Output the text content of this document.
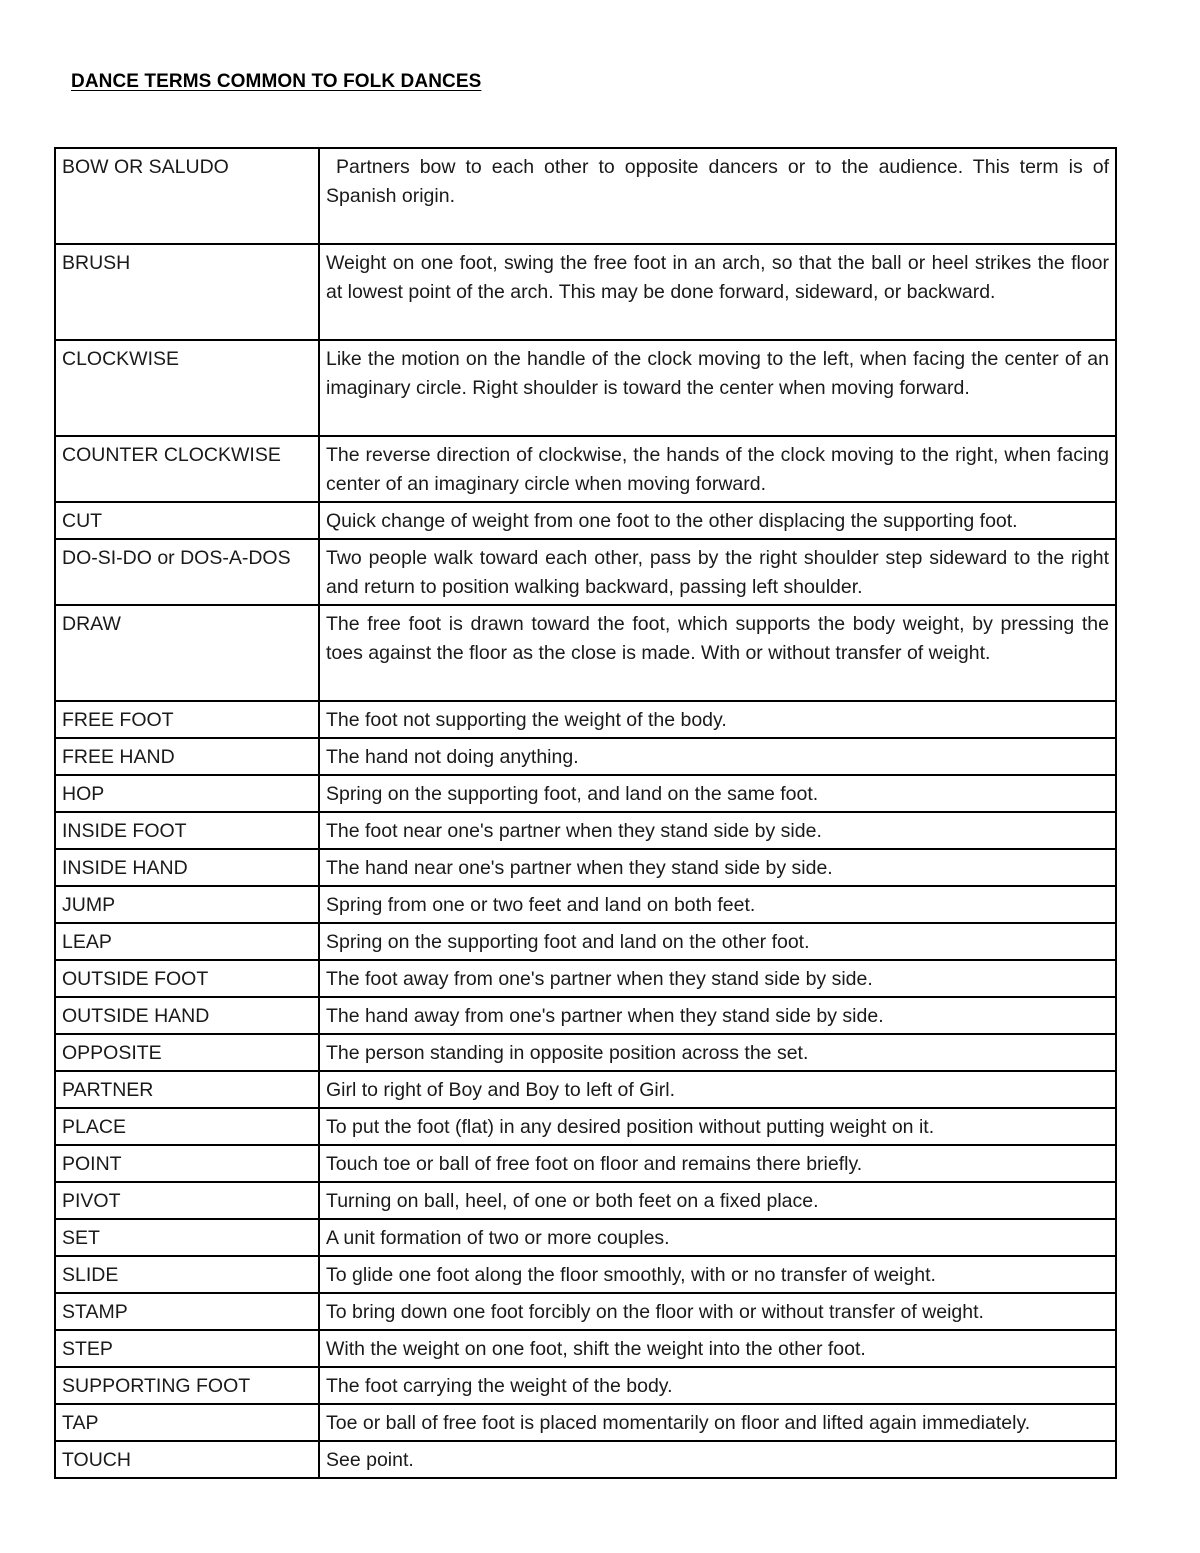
DANCE TERMS COMMON TO FOLK DANCES
BOW OR SALUDO	Partners bow to each other to opposite dancers or to the audience. This term is of Spanish origin.
BRUSH	Weight on one foot, swing the free foot in an arch, so that the ball or heel strikes the floor at lowest point of the arch. This may be done forward, sideward, or backward.
CLOCKWISE	Like the motion on the handle of the clock moving to the left, when facing the center of an imaginary circle. Right shoulder is toward the center when moving forward.
COUNTER CLOCKWISE	The reverse direction of clockwise, the hands of the clock moving to the right, when facing center of an imaginary circle when moving forward.
CUT	Quick change of weight from one foot to the other displacing the supporting foot.
DO-SI-DO or DOS-A-DOS	Two people walk toward each other, pass by the right shoulder step sideward to the right and return to position walking backward, passing left shoulder.
DRAW	The free foot is drawn toward the foot, which supports the body weight, by pressing the toes against the floor as the close is made. With or without transfer of weight.
FREE FOOT	The foot not supporting the weight of the body.
FREE HAND	The hand not doing anything.
HOP	Spring on the supporting foot, and land on the same foot.
INSIDE FOOT	The foot near one's partner when they stand side by side.
INSIDE HAND	The hand near one's partner when they stand side by side.
JUMP	Spring from one or two feet and land on both feet.
LEAP	Spring on the supporting foot and land on the other foot.
OUTSIDE FOOT	The foot away from one's partner when they stand side by side.
OUTSIDE HAND	The hand away from one's partner when they stand side by side.
OPPOSITE	The person standing in opposite position across the set.
PARTNER	Girl to right of Boy and Boy to left of Girl.
PLACE	To put the foot (flat) in any desired position without putting weight on it.
POINT	Touch toe or ball of free foot on floor and remains there briefly.
PIVOT	Turning on ball, heel, of one or both feet on a fixed place.
SET	A unit formation of two or more couples.
SLIDE	To glide one foot along the floor smoothly, with or no transfer of weight.
STAMP	To bring down one foot forcibly on the floor with or without transfer of weight.
STEP	With the weight on one foot, shift the weight into the other foot.
SUPPORTING FOOT	The foot carrying the weight of the body.
TAP	Toe or ball of free foot is placed momentarily on floor and lifted again immediately.
TOUCH	See point.
